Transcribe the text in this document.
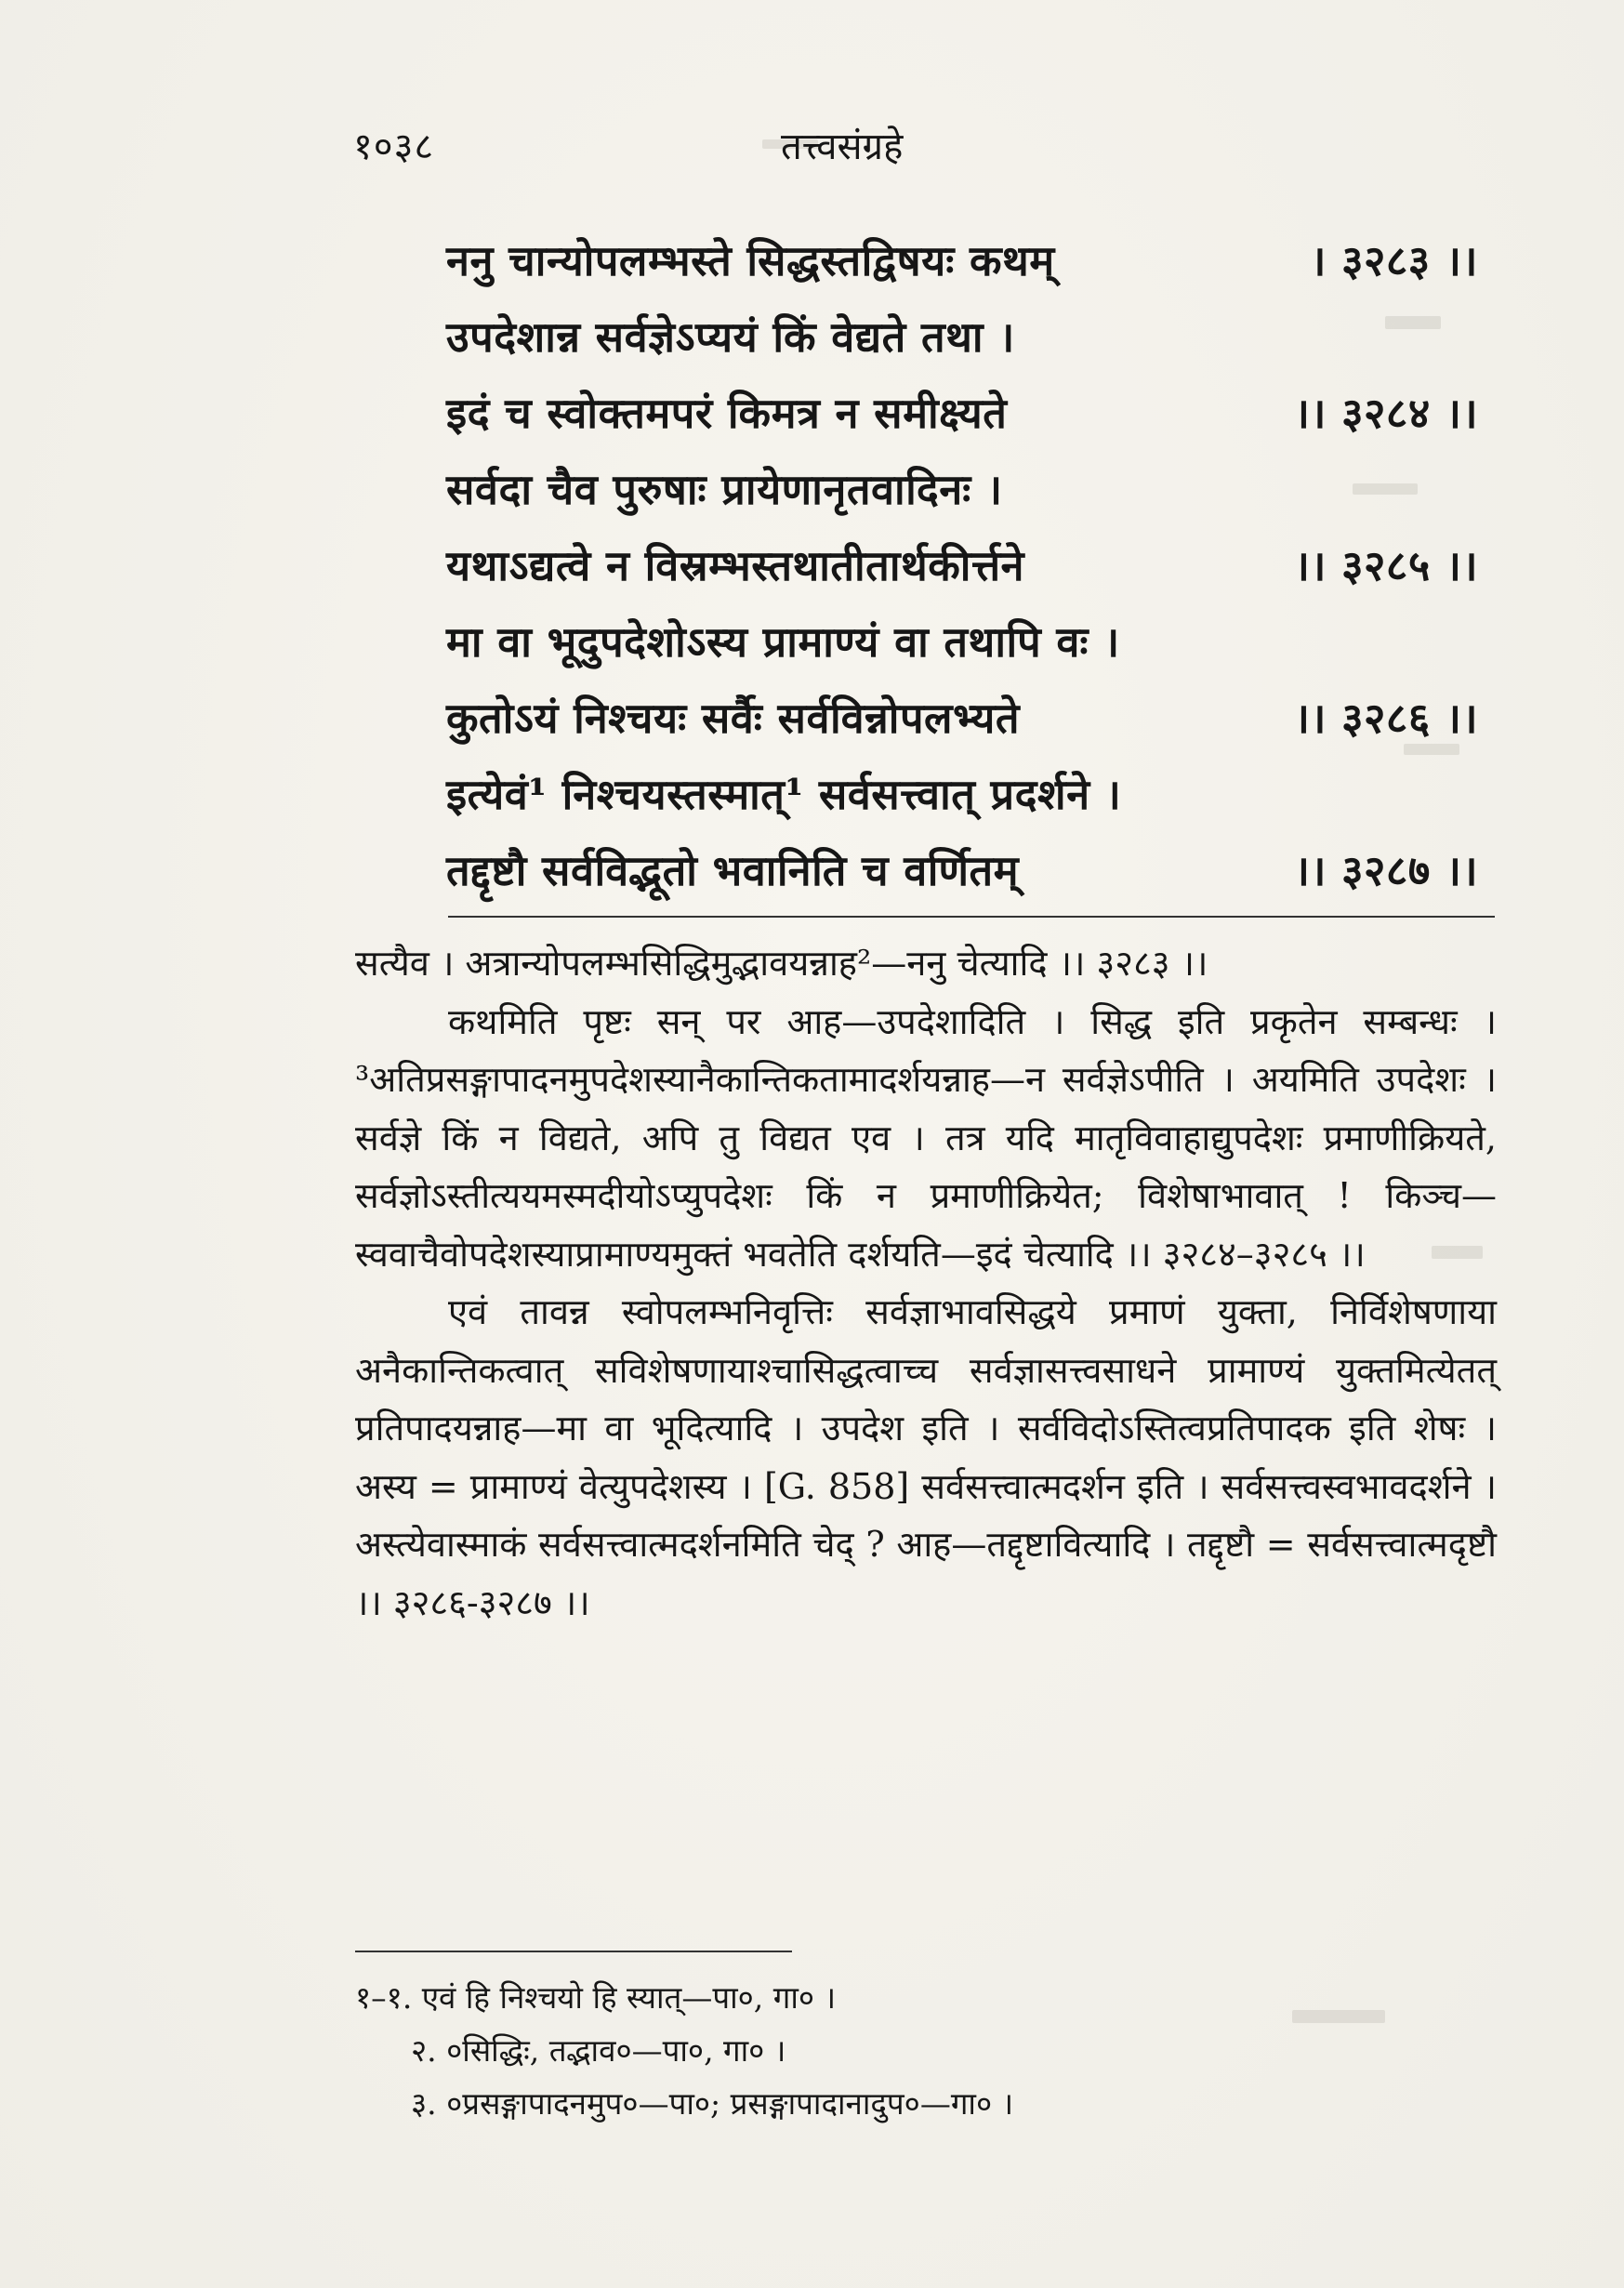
१०३८	तत्त्वसंग्रहे
ननु चान्योपलम्भस्ते सिद्धस्तद्विषयः कथम्	। ३२८३ ।।
उपदेशान्न सर्वज्ञेऽप्ययं किं वेद्यते तथा ।
इदं च स्वोक्तमपरं किमत्र न समीक्ष्यते	।। ३२८४ ।।
सर्वदा चैव पुरुषाः प्रायेणानृतवादिनः ।
यथाऽद्यत्वे न विस्रम्भस्तथातीतार्थकीर्त्तने	।। ३२८५ ।।
मा वा भूदुपदेशोऽस्य प्रामाण्यं वा तथापि वः ।
कुतोऽयं निश्चयः सर्वैः सर्वविन्नोपलभ्यते	।। ३२८६ ।।
इत्येवं¹ निश्चयस्तस्मात्¹ सर्वसत्त्वात् प्रदर्शने ।
तद्दृष्टौ सर्वविद्भूतो भवानिति च वर्णितम्	।। ३२८७ ।।

सत्यैव । अत्रान्योपलम्भसिद्धिमुद्भावयन्नाह²—ननु चेत्यादि ।। ३२८३ ।।

कथमिति पृष्टः सन् पर आह—उपदेशादिति । सिद्ध इति प्रकृतेन सम्बन्धः । ³अतिप्रसङ्गापादनमुपदेशस्यानैकान्तिकतामादर्शयन्नाह—न सर्वज्ञेऽपीति । अयमिति उपदेशः । सर्वज्ञे किं न विद्यते, अपि तु विद्यत एव । तत्र यदि मातृविवाहाद्युपदेशः प्रमाणीक्रियते, सर्वज्ञोऽस्तीत्ययमस्मदीयोऽप्युपदेशः किं न प्रमाणीक्रियेत; विशेषाभावात् ! किञ्च—स्ववाचैवोपदेशस्याप्रामाण्यमुक्तं भवतेति दर्शयति—इदं चेत्यादि ।। ३२८४–३२८५ ।।

एवं तावन्न स्वोपलम्भनिवृत्तिः सर्वज्ञाभावसिद्धये प्रमाणं युक्ता, निर्विशेषणाया अनैकान्तिकत्वात् सविशेषणायाश्चासिद्धत्वाच्च सर्वज्ञासत्त्वसाधने प्रामाण्यं युक्तमित्येतत् प्रतिपादयन्नाह—मा वा भूदित्यादि । उपदेश इति । सर्वविदोऽस्तित्वप्रतिपादक इति शेषः । अस्य = प्रामाण्यं वेत्युपदेशस्य । [G. 858] सर्वसत्त्वात्मदर्शन इति । सर्वसत्त्वस्वभावदर्शने । अस्त्येवास्माकं सर्वसत्त्वात्मदर्शनमिति चेद् ? आह—तद्दृष्टावित्यादि । तद्दृष्टौ = सर्वसत्त्वात्मदृष्टौ ।। ३२८६-३२८७ ।।

१–१. एवं हि निश्चयो हि स्यात्—पा०, गा० ।
२. ०सिद्धिः, तद्भाव०—पा०, गा० ।
३. ०प्रसङ्गापादनमुप०—पा०; प्रसङ्गापादानादुप०—गा० ।
